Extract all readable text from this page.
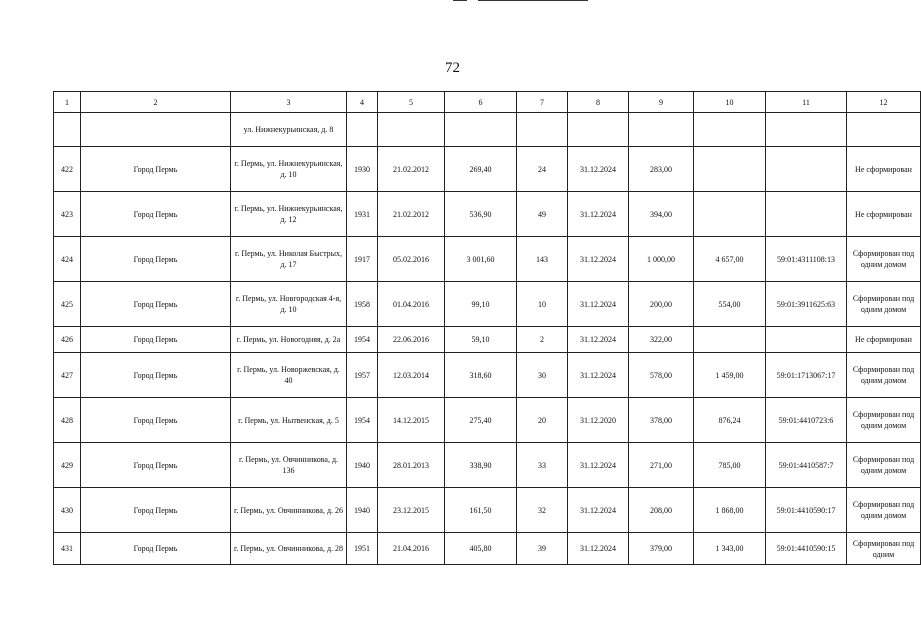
72
1	2	3	4	5	6	7	8	9	10	11	12
		ул. Нижнекурьинская, д. 8									
422	Город Пермь	г. Пермь, ул. Нижнекурьинская, д. 10	1930	21.02.2012	269,40	24	31.12.2024	283,00			Не сформирован
423	Город Пермь	г. Пермь, ул. Нижнекурьинская, д. 12	1931	21.02.2012	536,90	49	31.12.2024	394,00			Не сформирован
424	Город Пермь	г. Пермь, ул. Николая Быстрых, д. 17	1917	05.02.2016	3 001,60	143	31.12.2024	1 000,00	4 657,00	59:01:4311108:13	Сформирован под одним домом
425	Город Пермь	г. Пермь, ул. Новгородская 4-я, д. 10	1958	01.04.2016	99,10	10	31.12.2024	200,00	554,00	59:01:3911625:63	Сформирован под одним домом
426	Город Пермь	г. Пермь, ул. Новогодняя, д. 2а	1954	22.06.2016	59,10	2	31.12.2024	322,00			Не сформирован
427	Город Пермь	г. Пермь, ул. Новоржевская, д. 40	1957	12.03.2014	318,60	30	31.12.2024	578,00	1 459,00	59:01:1713067:17	Сформирован под одним домом
428	Город Пермь	г. Пермь, ул. Нытвенская, д. 5	1954	14.12.2015	275,40	20	31.12.2020	378,00	876,24	59:01:4410723:6	Сформирован под одним домом
429	Город Пермь	г. Пермь, ул. Овчинникова, д. 136	1940	28.01.2013	338,90	33	31.12.2024	271,00	785,00	59:01:4410587:7	Сформирован под одним домом
430	Город Пермь	г. Пермь, ул. Овчинникова, д. 26	1940	23.12.2015	161,50	32	31.12.2024	208,00	1 868,00	59:01:4410590:17	Сформирован под одним домом
431	Город Пермь	г. Пермь, ул. Овчинникова, д. 28	1951	21.04.2016	405,80	39	31.12.2024	379,00	1 343,00	59:01:4410590:15	Сформирован под одним
